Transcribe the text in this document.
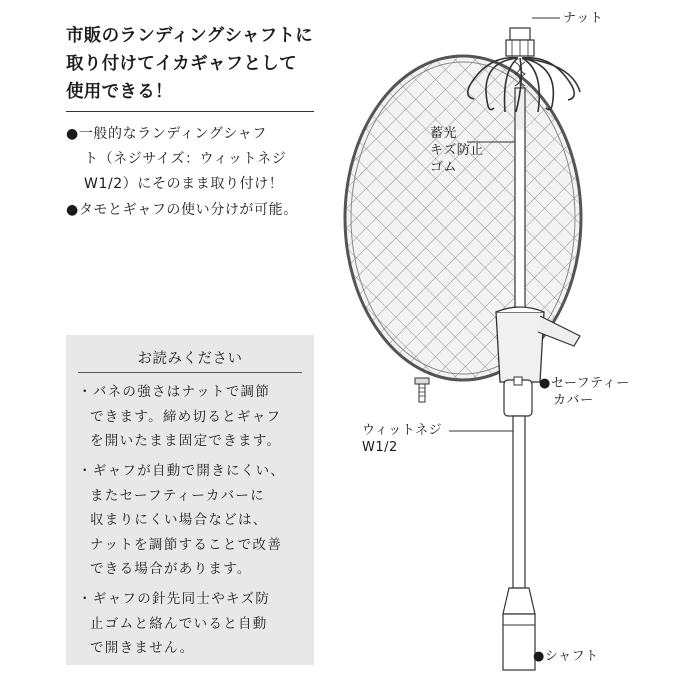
市販のランディングシャフトに
取り付けてイカギャフとして
使用できる！
●一般的なランディングシャフ
ト（ネジサイズ：ウィットネジ
W1/2）にそのまま取り付け！
●タモとギャフの使い分けが可能。
お読みください
・バネの強さはナットで調節
できます。締め切るとギャフ
を開いたまま固定できます。
・ギャフが自動で開きにくい、
またセーフティーカバーに
収まりにくい場合などは、
ナットを調節することで改善
できる場合があります。
・ギャフの針先同士やキズ防
止ゴムと絡んでいると自動
で開きません。
ナット
蓄光
キズ防止
ゴム
●セーフティー
カバー
ウィットネジ
W1/2
●シャフト
